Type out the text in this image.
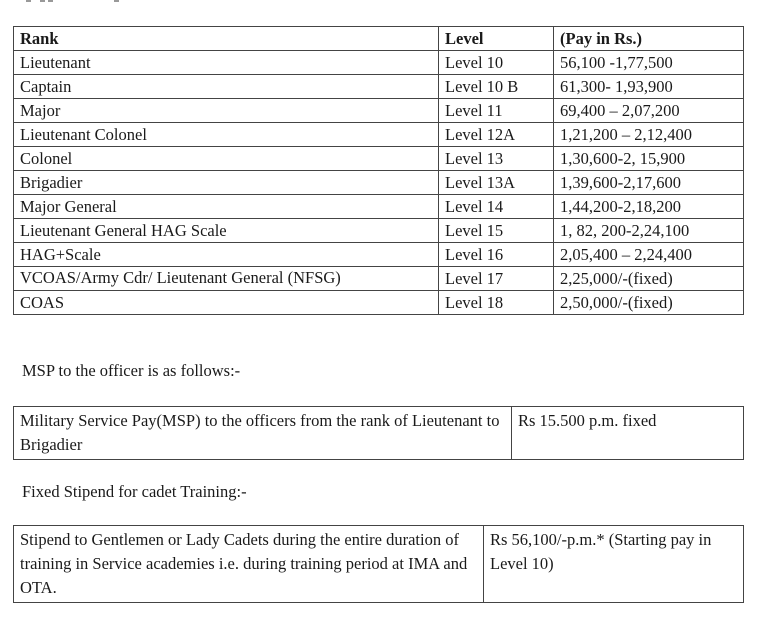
Rank	Level	(Pay in Rs.)
Lieutenant	Level 10	56,100 -1,77,500
Captain	Level 10 B	61,300- 1,93,900
Major	Level 11	69,400 – 2,07,200
Lieutenant Colonel	Level 12A	1,21,200 – 2,12,400
Colonel	Level 13	1,30,600-2, 15,900
Brigadier	Level 13A	1,39,600-2,17,600
Major General	Level 14	1,44,200-2,18,200
Lieutenant General HAG Scale	Level 15	1, 82, 200-2,24,100
HAG+Scale	Level 16	2,05,400 – 2,24,400
VCOAS/Army Cdr/ Lieutenant General (NFSG)	Level 17	2,25,000/-(fixed)
COAS	Level 18	2,50,000/-(fixed)

MSP to the officer is as follows:-

Military Service Pay(MSP) to the officers from the rank of Lieutenant to Brigadier	Rs 15.500 p.m. fixed

Fixed Stipend for cadet Training:-

Stipend to Gentlemen or Lady Cadets during the entire duration of training in Service academies i.e. during training period at IMA and OTA.	Rs 56,100/-p.m.* (Starting pay in Level 10)
